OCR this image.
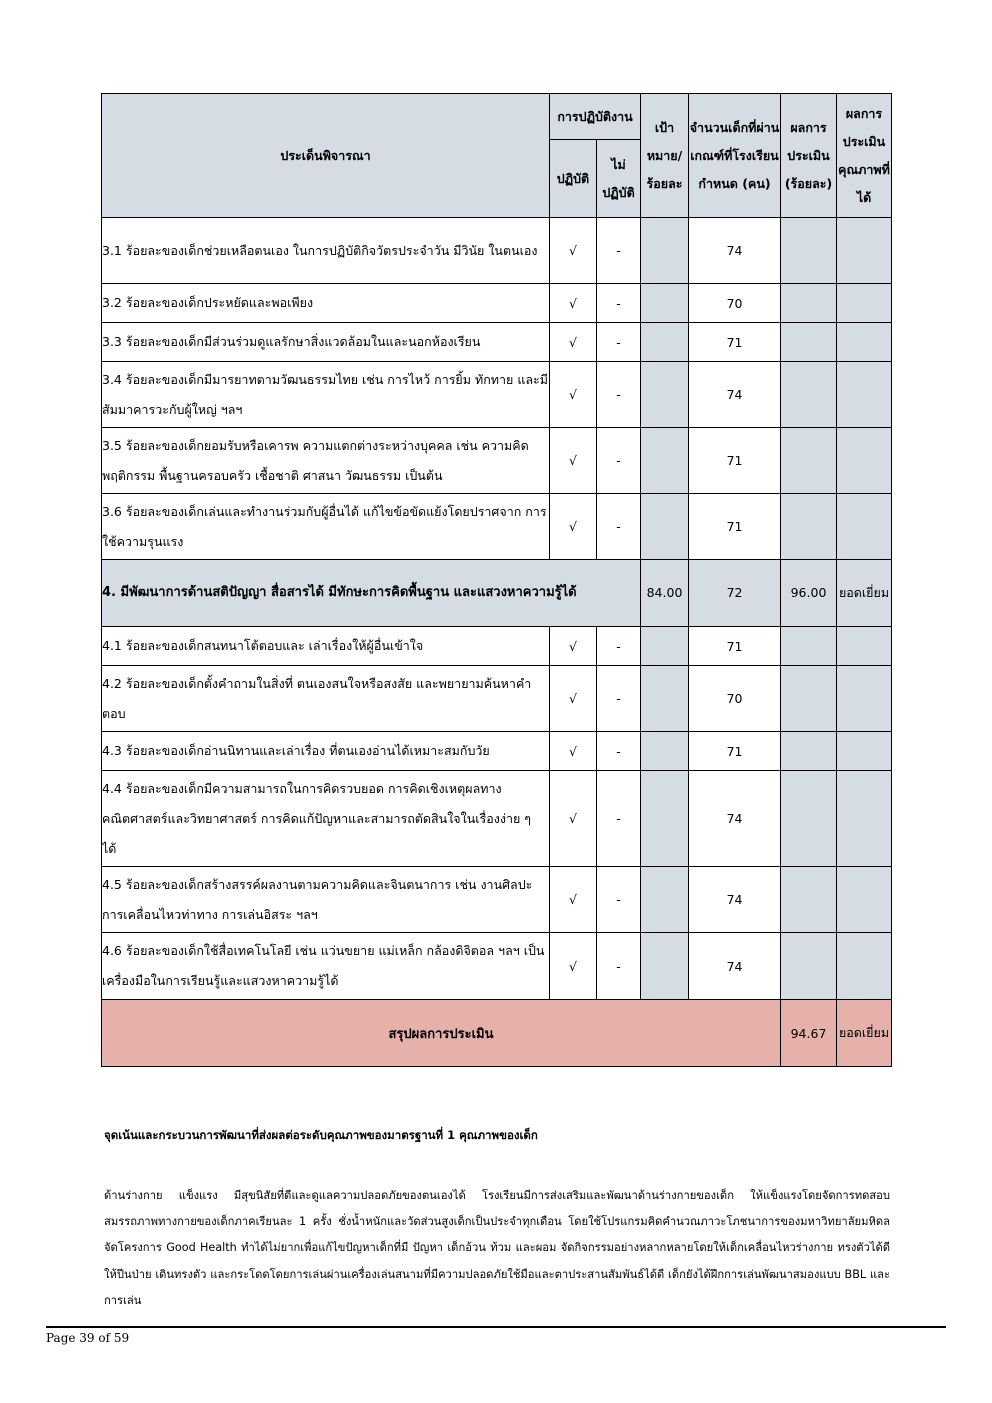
ประเด็นพิจารณา	การปฏิบัติงาน		เป้าหมาย/ร้อยละ	จำนวนเด็กที่ผ่านเกณฑ์ที่โรงเรียนกำหนด (คน)	ผลการประเมิน (ร้อยละ)	ผลการประเมินคุณภาพที่ได้
	ปฏิบัติ	ไม่ปฏิบัติ				
3.1 ร้อยละของเด็กช่วยเหลือตนเอง ในการปฏิบัติกิจวัตรประจำวัน มีวินัย ในตนเอง	√	-		74		
3.2 ร้อยละของเด็กประหยัดและพอเพียง	√	-		70		
3.3 ร้อยละของเด็กมีส่วนร่วมดูแลรักษาสิ่งแวดล้อมในและนอกห้องเรียน	√	-		71		
3.4 ร้อยละของเด็กมีมารยาทตามวัฒนธรรมไทย เช่น การไหว้ การยิ้ม ทักทาย และมีสัมมาคารวะกับผู้ใหญ่ ฯลฯ	√	-		74		
3.5 ร้อยละของเด็กยอมรับหรือเคารพ ความแตกต่างระหว่างบุคคล เช่น ความคิด พฤติกรรม พื้นฐานครอบครัว เชื้อชาติ ศาสนา วัฒนธรรม เป็นต้น	√	-		71		
3.6 ร้อยละของเด็กเล่นและทำงานร่วมกับผู้อื่นได้ แก้ไขข้อขัดแย้งโดยปราศจาก การใช้ความรุนแรง	√	-		71		
4. มีพัฒนาการด้านสติปัญญา สื่อสารได้ มีทักษะการคิดพื้นฐาน และแสวงหาความรู้ได้			84.00	72	96.00	ยอดเยี่ยม
4.1 ร้อยละของเด็กสนทนาโต้ตอบและ เล่าเรื่องให้ผู้อื่นเข้าใจ	√	-		71		
4.2 ร้อยละของเด็กตั้งคำถามในสิ่งที่ ตนเองสนใจหรือสงสัย และพยายามค้นหาคำตอบ	√	-		70		
4.3 ร้อยละของเด็กอ่านนิทานและเล่าเรื่อง ที่ตนเองอ่านได้เหมาะสมกับวัย	√	-		71		
4.4 ร้อยละของเด็กมีความสามารถในการคิดรวบยอด การคิดเชิงเหตุผลทางคณิตศาสตร์และวิทยาศาสตร์ การคิดแก้ปัญหาและสามารถตัดสินใจในเรื่องง่าย ๆ ได้	√	-		74		
4.5 ร้อยละของเด็กสร้างสรรค์ผลงานตามความคิดและจินตนาการ เช่น งานศิลปะ การเคลื่อนไหวท่าทาง การเล่นอิสระ ฯลฯ	√	-		74		
4.6 ร้อยละของเด็กใช้สื่อเทคโนโลยี เช่น แว่นขยาย แม่เหล็ก กล้องดิจิตอล ฯลฯ เป็นเครื่องมือในการเรียนรู้และแสวงหาความรู้ได้	√	-		74		
สรุปผลการประเมิน					94.67	ยอดเยี่ยม
จุดเน้นและกระบวนการพัฒนาที่ส่งผลต่อระดับคุณภาพของมาตรฐานที่ 1 คุณภาพของเด็ก
ด้านร่างกาย แข็งแรง มีสุขนิสัยที่ดีและดูแลความปลอดภัยของตนเองได้ โรงเรียนมีการส่งเสริมและพัฒนาด้านร่างกายของเด็ก ให้แข็งแรงโดยจัดการทดสอบสมรรถภาพทางกายของเด็กภาคเรียนละ 1 ครั้ง ชั่งน้ำหนักและวัดส่วนสูงเด็กเป็นประจำทุกเดือน โดยใช้โปรแกรมคิดคำนวณภาวะโภชนาการของมหาวิทยาลัยมหิดลจัดโครงการ Good Health ทำได้ไม่ยากเพื่อแก้ไขปัญหาเด็กที่มี ปัญหา เด็กอ้วน ท้วม และผอม จัดกิจกรรมอย่างหลากหลายโดยให้เด็กเคลื่อนไหวร่างกาย ทรงตัวได้ดีให้ปีนป่าย เดินทรงตัว และกระโดดโดยการเล่นผ่านเครื่องเล่นสนามที่มีความปลอดภัยใช้มือและตาประสานสัมพันธ์ได้ดี เด็กยังได้ฝึกการเล่นพัฒนาสมองแบบ BBL และการเล่น
Page 39 of 59
